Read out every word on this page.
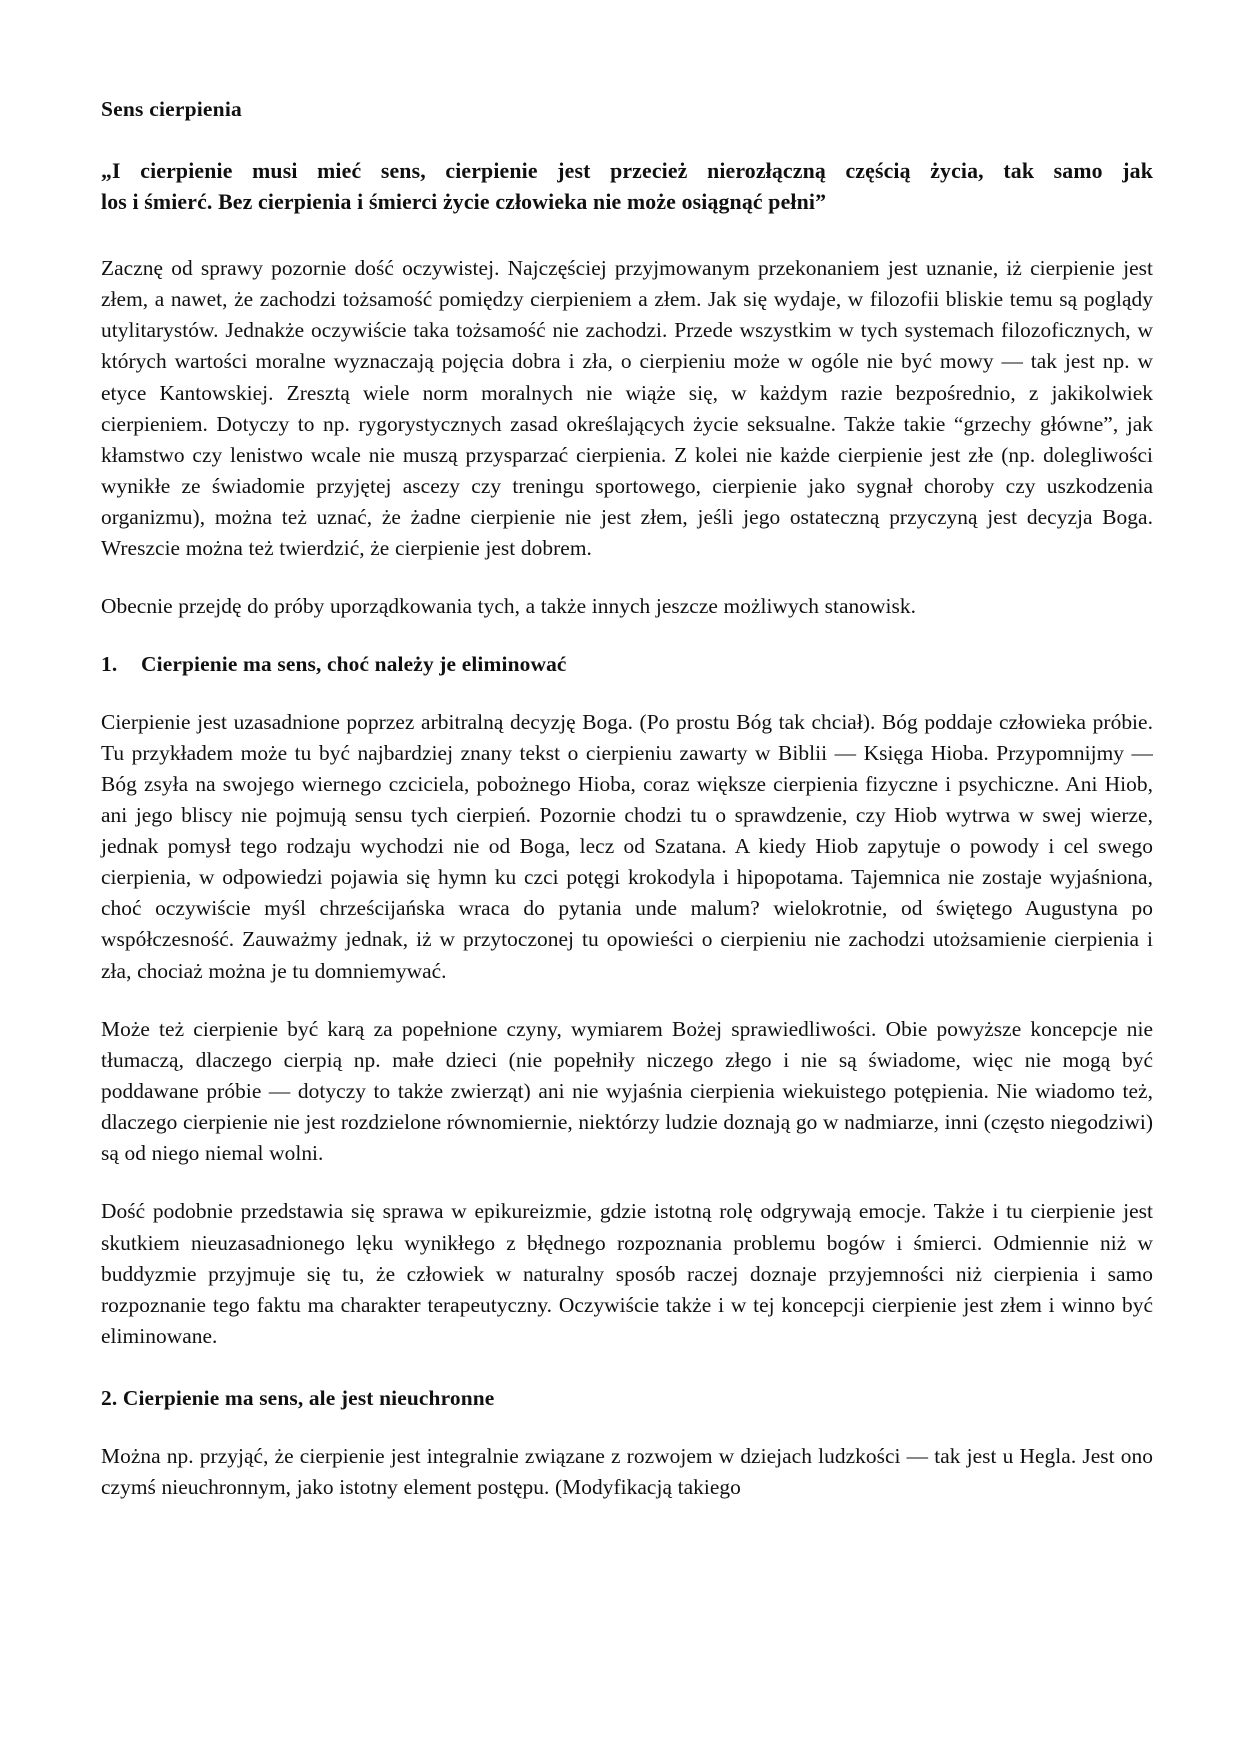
Sens cierpienia
„I cierpienie musi mieć sens, cierpienie jest przecież nierozłączną częścią życia, tak samo jak
los i śmierć. Bez cierpienia i śmierci życie człowieka nie może osiągnąć pełni”

Zacznę od sprawy pozornie dość oczywistej. Najczęściej przyjmowanym przekonaniem jest uznanie, iż cierpienie jest złem, a nawet, że zachodzi tożsamość pomiędzy cierpieniem a złem. Jak się wydaje, w filozofii bliskie temu są poglądy utylitarystów. Jednakże oczywiście taka tożsamość nie zachodzi. Przede wszystkim w tych systemach filozoficznych, w których wartości moralne wyznaczają pojęcia dobra i zła, o cierpieniu może w ogóle nie być mowy — tak jest np. w etyce Kantowskiej. Zresztą wiele norm moralnych nie wiąże się, w każdym razie bezpośrednio, z jakikolwiek cierpieniem. Dotyczy to np. rygorystycznych zasad określających życie seksualne. Także takie “grzechy główne”, jak kłamstwo czy lenistwo wcale nie muszą przysparzać cierpienia. Z kolei nie każde cierpienie jest złe (np. dolegliwości wynikłe ze świadomie przyjętej ascezy czy treningu sportowego, cierpienie jako sygnał choroby czy uszkodzenia organizmu), można też uznać, że żadne cierpienie nie jest złem, jeśli jego ostateczną przyczyną jest decyzja Boga. Wreszcie można też twierdzić, że cierpienie jest dobrem.

Obecnie przejdę do próby uporządkowania tych, a także innych jeszcze możliwych stanowisk.

1. Cierpienie ma sens, choć należy je eliminować

Cierpienie jest uzasadnione poprzez arbitralną decyzję Boga. (Po prostu Bóg tak chciał). Bóg poddaje człowieka próbie. Tu przykładem może tu być najbardziej znany tekst o cierpieniu zawarty w Biblii — Księga Hioba. Przypomnijmy — Bóg zsyła na swojego wiernego czciciela, pobożnego Hioba, coraz większe cierpienia fizyczne i psychiczne. Ani Hiob, ani jego bliscy nie pojmują sensu tych cierpień. Pozornie chodzi tu o sprawdzenie, czy Hiob wytrwa w swej wierze, jednak pomysł tego rodzaju wychodzi nie od Boga, lecz od Szatana. A kiedy Hiob zapytuje o powody i cel swego cierpienia, w odpowiedzi pojawia się hymn ku czci potęgi krokodyla i hipopotama. Tajemnica nie zostaje wyjaśniona, choć oczywiście myśl chrześcijańska wraca do pytania unde malum? wielokrotnie, od świętego Augustyna po współczesność. Zauważmy jednak, iż w przytoczonej tu opowieści o cierpieniu nie zachodzi utożsamienie cierpienia i zła, chociaż można je tu domniemywać.

Może też cierpienie być karą za popełnione czyny, wymiarem Bożej sprawiedliwości. Obie powyższe koncepcje nie tłumaczą, dlaczego cierpią np. małe dzieci (nie popełniły niczego złego i nie są świadome, więc nie mogą być poddawane próbie — dotyczy to także zwierząt) ani nie wyjaśnia cierpienia wiekuistego potępienia. Nie wiadomo też, dlaczego cierpienie nie jest rozdzielone równomiernie, niektórzy ludzie doznają go w nadmiarze, inni (często niegodziwi) są od niego niemal wolni.

Dość podobnie przedstawia się sprawa w epikureizmie, gdzie istotną rolę odgrywają emocje. Także i tu cierpienie jest skutkiem nieuzasadnionego lęku wynikłego z błędnego rozpoznania problemu bogów i śmierci. Odmiennie niż w buddyzmie przyjmuje się tu, że człowiek w naturalny sposób raczej doznaje przyjemności niż cierpienia i samo rozpoznanie tego faktu ma charakter terapeutyczny. Oczywiście także i w tej koncepcji cierpienie jest złem i winno być eliminowane.

2. Cierpienie ma sens, ale jest nieuchronne

Można np. przyjąć, że cierpienie jest integralnie związane z rozwojem w dziejach ludzkości — tak jest u Hegla. Jest ono czymś nieuchronnym, jako istotny element postępu. (Modyfikacją takiego
